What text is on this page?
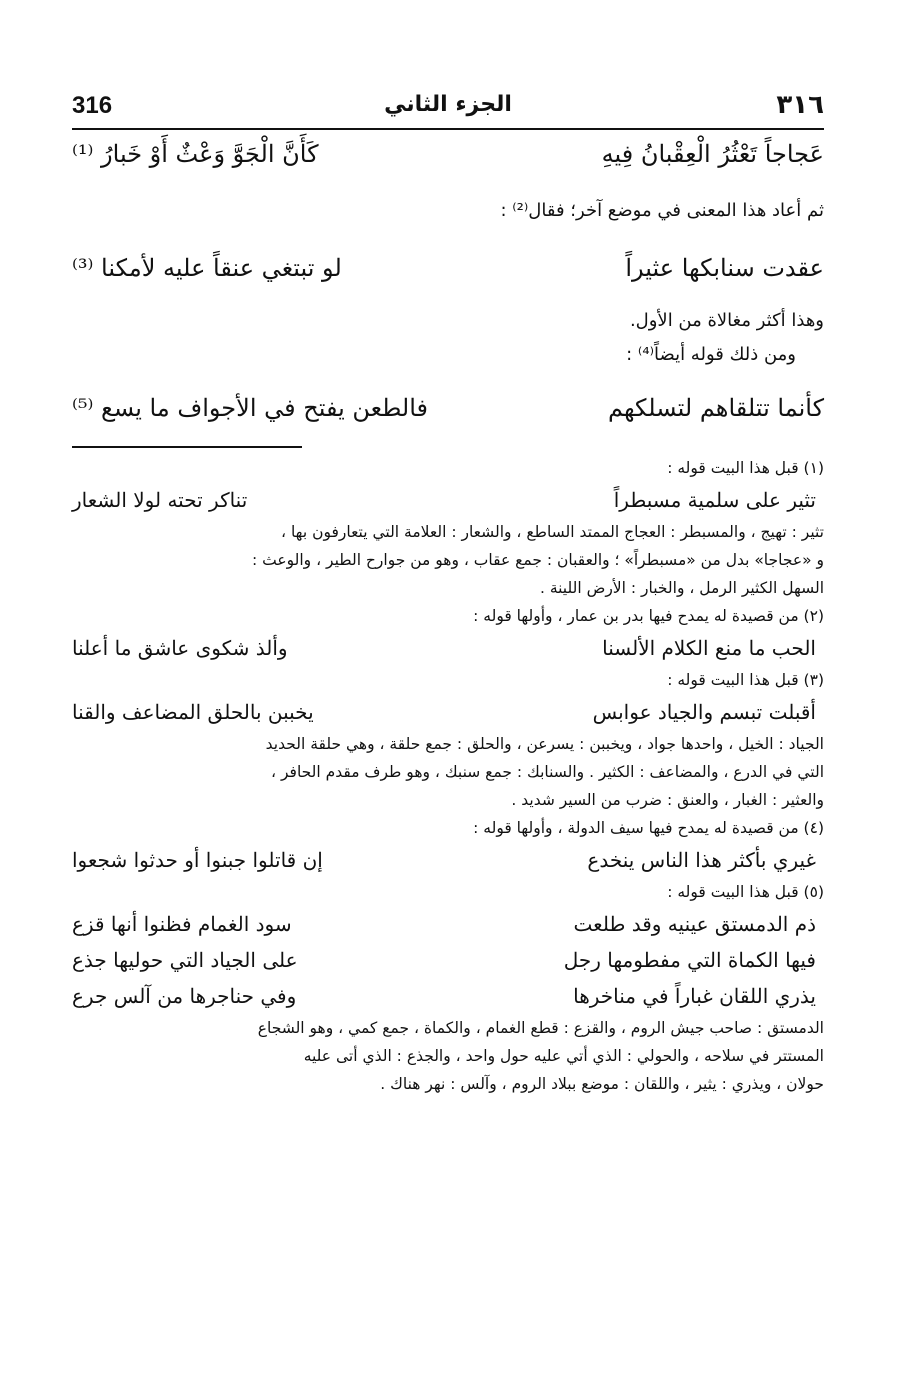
٣١٦
الجزء الثاني
316
عَجاجاً تَعْثُرُ الْعِقْبانُ فِيهِ
كَأَنَّ الْجَوَّ وَعْثٌ أَوْ خَبارُ ⁽¹⁾

ثم أعاد هذا المعنى في موضع آخر؛ فقال⁽²⁾ :

عقدت سنابكها عثيراً
لو تبتغي عنقاً عليه لأمكنا ⁽³⁾

وهذا أكثر مغالاة من الأول.

ومن ذلك قوله أيضاً⁽⁴⁾ :

كأنما تتلقاهم لتسلكهم
فالطعن يفتح في الأجواف ما يسع ⁽⁵⁾

(١) قبل هذا البيت قوله :

تثير على سلمية مسبطراً
تناكر تحته لولا الشعار

تثير : تهيج ، والمسبطر : العجاج الممتد الساطع ، والشعار : العلامة التي يتعارفون بها ،

و «عجاجا» بدل من «مسبطراً» ؛ والعقبان : جمع عقاب ، وهو من جوارح الطير ، والوعث :

السهل الكثير الرمل ، والخبار : الأرض اللينة .

(٢) من قصيدة له يمدح فيها بدر بن عمار ، وأولها قوله :

الحب ما منع الكلام الألسنا
وألذ شكوى عاشق ما أعلنا

(٣) قبل هذا البيت قوله :

أقبلت تبسم والجياد عوابس
يخببن بالحلق المضاعف والقنا

الجياد : الخيل ، واحدها جواد ، ويخببن : يسرعن ، والحلق : جمع حلقة ، وهي حلقة الحديد

التي في الدرع ، والمضاعف : الكثير . والسنابك : جمع سنبك ، وهو طرف مقدم الحافر ،

والعثير : الغبار ، والعنق : ضرب من السير شديد .

(٤) من قصيدة له يمدح فيها سيف الدولة ، وأولها قوله :

غيري بأكثر هذا الناس ينخدع
إن قاتلوا جبنوا أو حدثوا شجعوا

(٥) قبل هذا البيت قوله :

ذم الدمستق عينيه وقد طلعت
سود الغمام فظنوا أنها قزع
فيها الكماة التي مفطومها رجل
على الجياد التي حوليها جذع
يذري اللقان غباراً في مناخرها
وفي حناجرها من آلس جرع

الدمستق : صاحب جيش الروم ، والقزع : قطع الغمام ، والكماة ، جمع كمي ، وهو الشجاع

المستتر في سلاحه ، والحولي : الذي أتي عليه حول واحد ، والجذع : الذي أتى عليه

حولان ، ويذري : يثير ، واللقان : موضع ببلاد الروم ، وآلس : نهر هناك .
